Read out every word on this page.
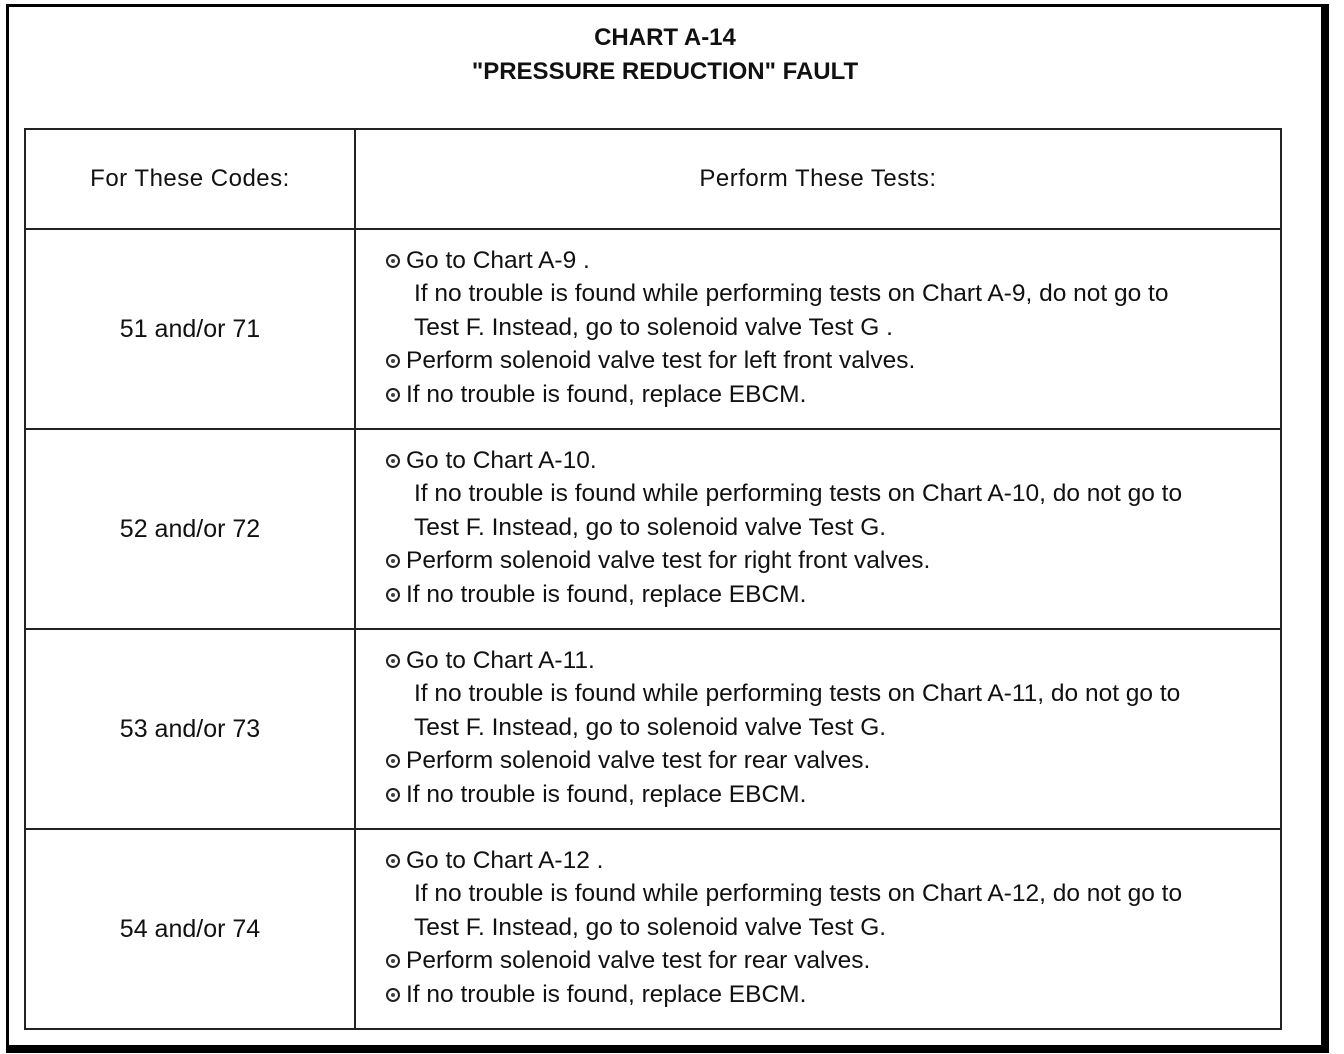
CHART A-14
"PRESSURE REDUCTION" FAULT
For These Codes:	Perform These Tests:
51 and/or 71	Go to Chart A-9 .
If no trouble is found while performing tests on Chart A-9, do not go to
Test F. Instead, go to solenoid valve Test G .
Perform solenoid valve test for left front valves.
If no trouble is found, replace EBCM.

52 and/or 72	Go to Chart A-10.
If no trouble is found while performing tests on Chart A-10, do not go to
Test F. Instead, go to solenoid valve Test G.
Perform solenoid valve test for right front valves.
If no trouble is found, replace EBCM.

53 and/or 73	Go to Chart A-11.
If no trouble is found while performing tests on Chart A-11, do not go to
Test F. Instead, go to solenoid valve Test G.
Perform solenoid valve test for rear valves.
If no trouble is found, replace EBCM.

54 and/or 74	Go to Chart A-12 .
If no trouble is found while performing tests on Chart A-12, do not go to
Test F. Instead, go to solenoid valve Test G.
Perform solenoid valve test for rear valves.
If no trouble is found, replace EBCM.
